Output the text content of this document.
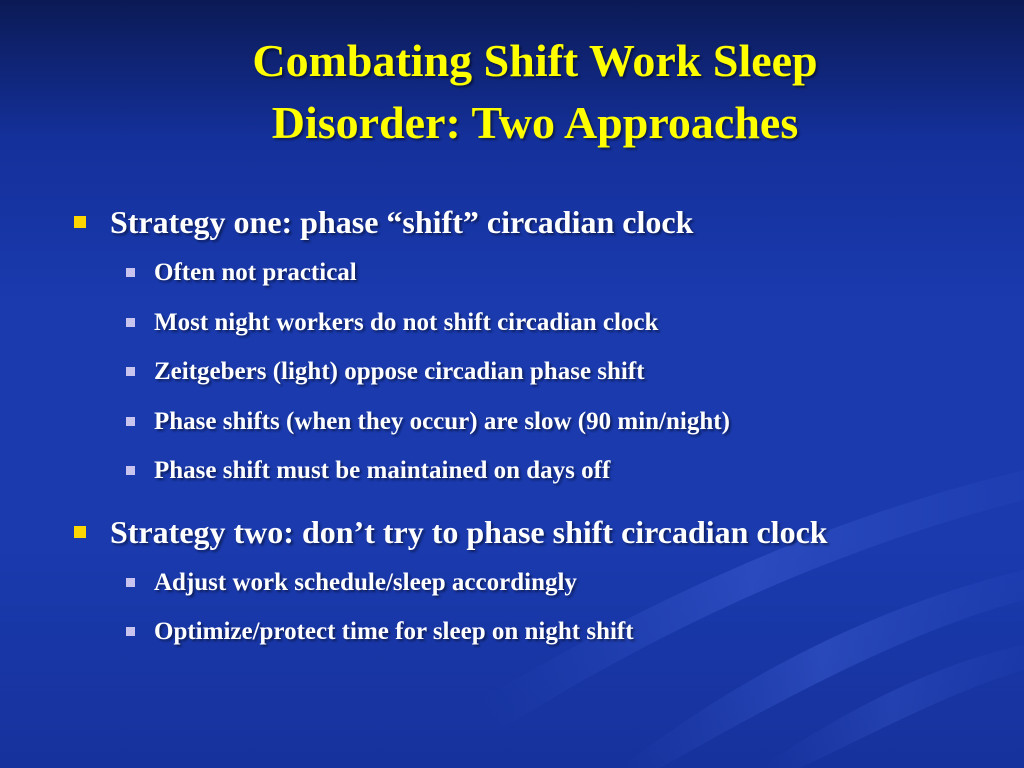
Combating Shift Work Sleep
Disorder: Two Approaches
Strategy one: phase “shift” circadian clock
Often not practical
Most night workers do not shift circadian clock
Zeitgebers (light) oppose circadian phase shift
Phase shifts (when they occur) are slow (90 min/night)
Phase shift must be maintained on days off
Strategy two: don’t try to phase shift circadian clock
Adjust work schedule/sleep accordingly
Optimize/protect time for sleep on night shift
